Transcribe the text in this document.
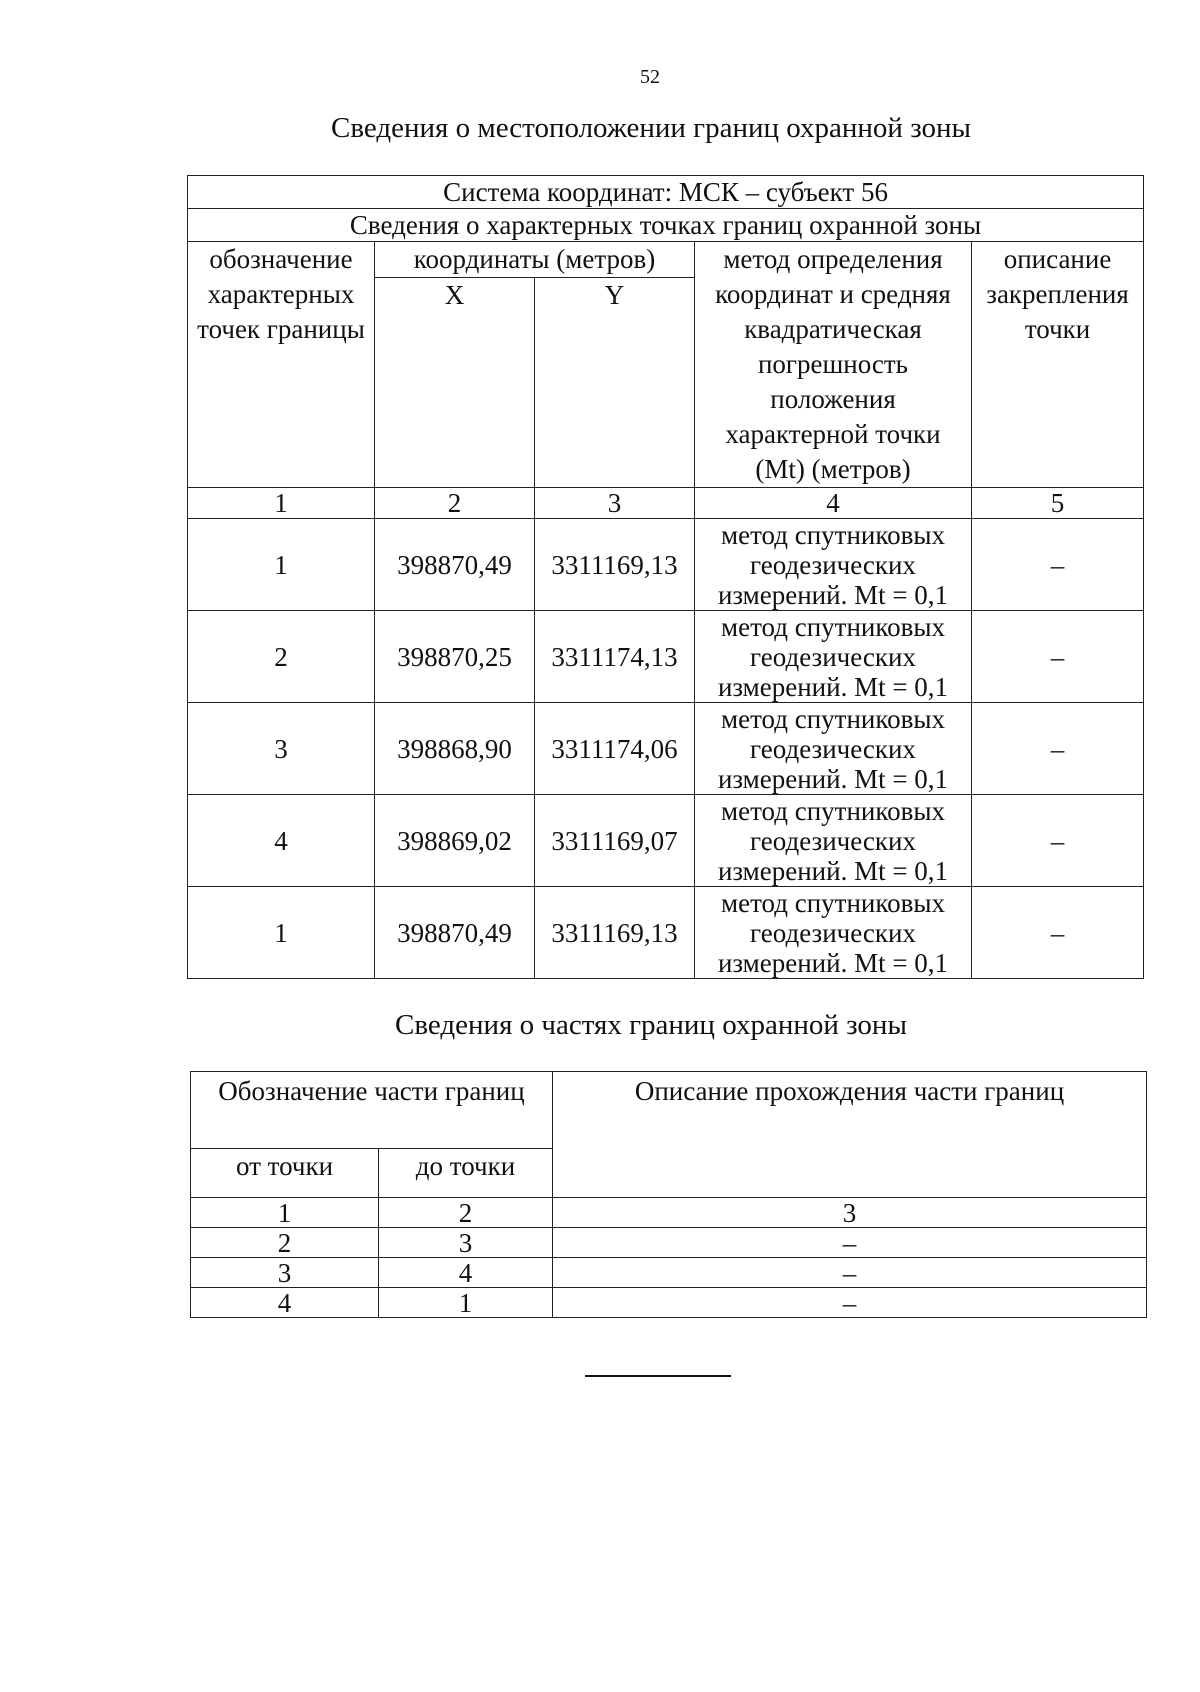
52
Сведения о местоположении границ охранной зоны
Система координат: МСК – субъект 56				
Сведения о характерных точках границ охранной зоны				
обозначение характерных точек границы	координаты (метров)		метод определения координат и средняя квадратическая погрешность положения характерной точки (Mt) (метров)	описание закрепления точки
	X	Y		
1	2	3	4	5
1	398870,49	3311169,13	метод спутниковых геодезических измерений. Mt = 0,1	–
2	398870,25	3311174,13	метод спутниковых геодезических измерений. Mt = 0,1	–
3	398868,90	3311174,06	метод спутниковых геодезических измерений. Mt = 0,1	–
4	398869,02	3311169,07	метод спутниковых геодезических измерений. Mt = 0,1	–
1	398870,49	3311169,13	метод спутниковых геодезических измерений. Mt = 0,1	–
Сведения о частях границ охранной зоны
Обозначение части границ		Описание прохождения части границ
от точки	до точки	
1	2	3
2	3	–
3	4	–
4	1	–
